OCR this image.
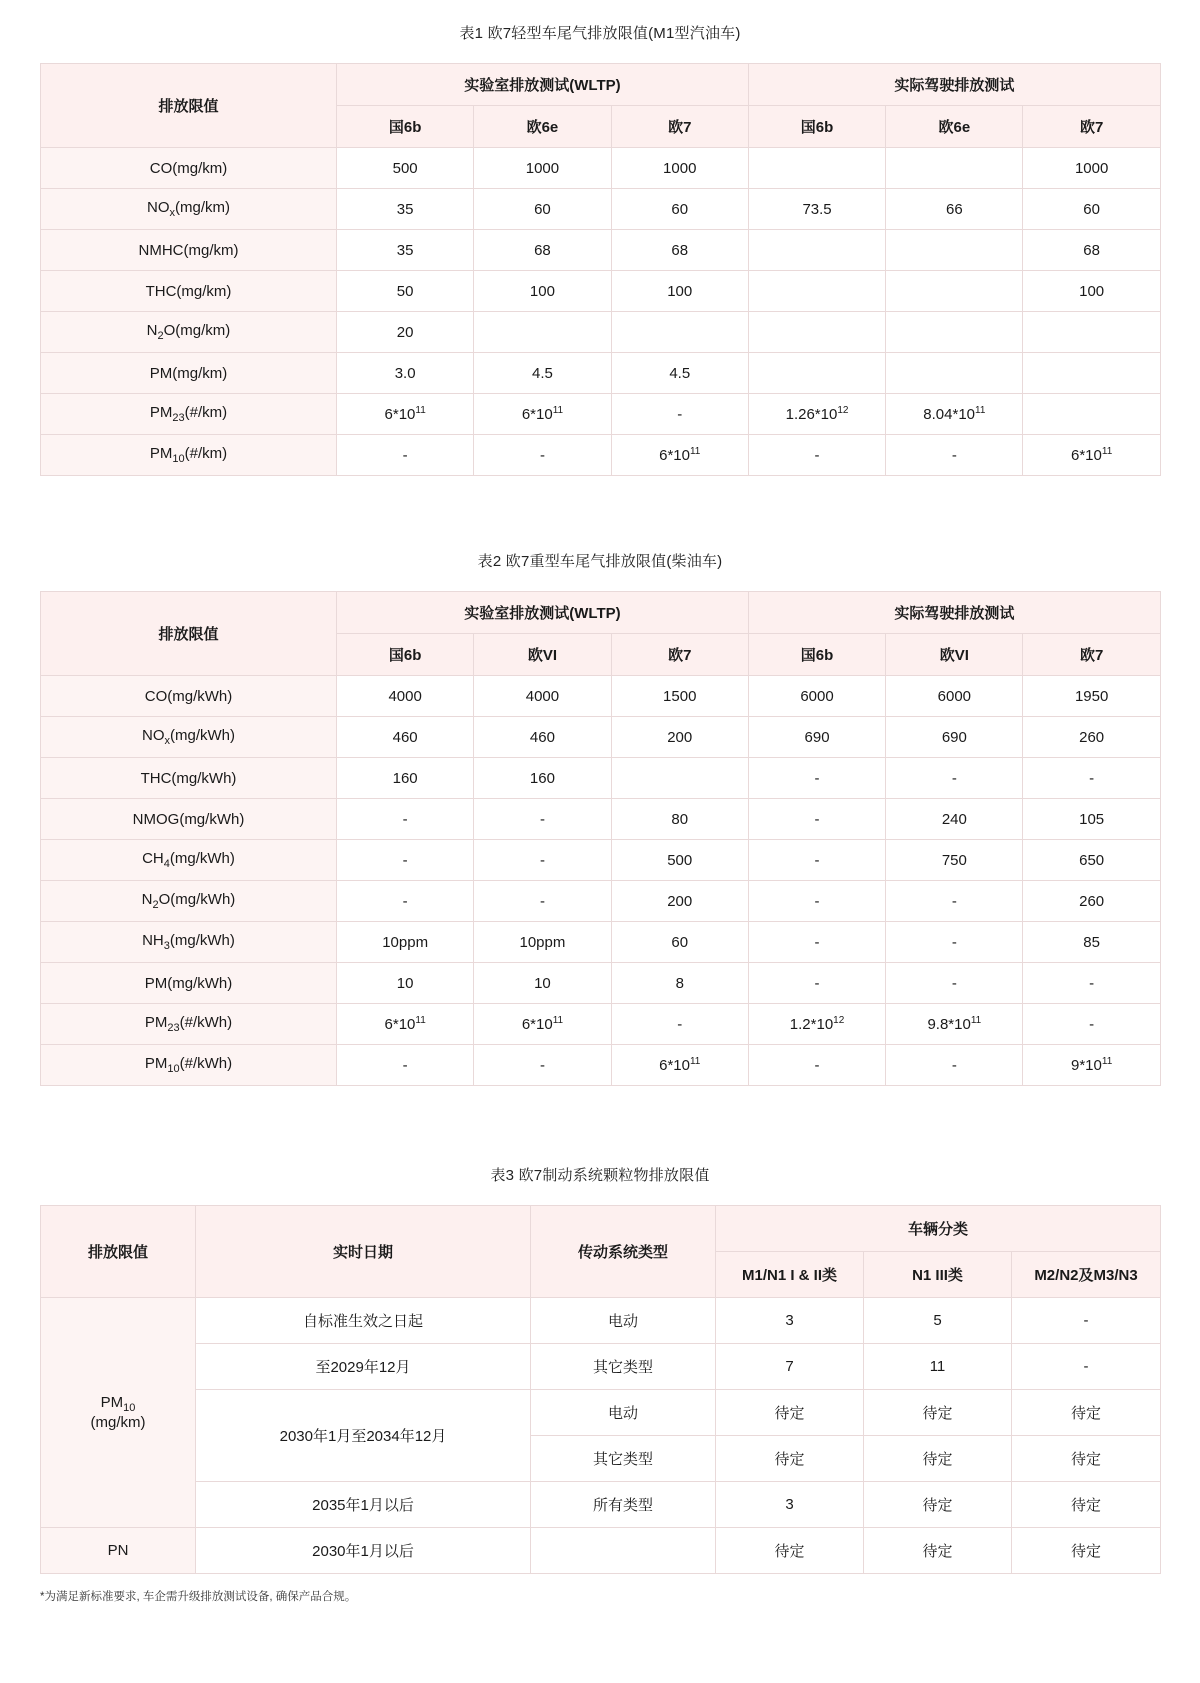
表1 欧7轻型车尾气排放限值(M1型汽油车)
排放限值	实验室排放测试(WLTP)			实际驾驶排放测试		
	国6b	欧6e	欧7	国6b	欧6e	欧7
CO(mg/km)	500	1000	1000			1000
$NO_x(mg/km)$	35	60	60	73.5	66	60
NMHC(mg/km)	35	68	68			68
THC(mg/km)	50	100	100			100
$N_2O(mg/km)$	20					
PM(mg/km)	3.0	4.5	4.5			
$PM_{23}(\#/km)$	$6*10^{11}$	$6*10^{11}$	-	$1.26*10^{12}$	$8.04*10^{11}$	
$PM_{10}(\#/km)$	-	-	$6*10^{11}$	-	-	$6*10^{11}$
表2 欧7重型车尾气排放限值(柴油车)
排放限值	实验室排放测试(WLTP)			实际驾驶排放测试		
	国6b	欧VI	欧7	国6b	欧VI	欧7
CO(mg/kWh)	4000	4000	1500	6000	6000	1950
$NO_x(mg/kWh)$	460	460	200	690	690	260
THC(mg/kWh)	160	160		-	-	-
NMOG(mg/kWh)	-	-	80	-	240	105
$CH_4(mg/kWh)$	-	-	500	-	750	650
$N_2O(mg/kWh)$	-	-	200	-	-	260
$NH_3(mg/kWh)$	10ppm	10ppm	60	-	-	85
PM(mg/kWh)	10	10	8	-	-	-
$PM_{23}(\#/kWh)$	$6*10^{11}$	$6*10^{11}$	-	$1.2*10^{12}$	$9.8*10^{11}$	-
$PM_{10}(\#/kWh)$	-	-	$6*10^{11}$	-	-	$9*10^{11}$
表3 欧7制动系统颗粒物排放限值
排放限值	实时日期	传动系统类型	车辆分类		
			M1/N1 I & II类	N1 III类	M2/N2及M3/N3
$PM_{10}$
(mg/km)	自标准生效之日起	电动	3	5	-
	至2029年12月	其它类型	7	11	-
	2030年1月至2034年12月	电动	待定	待定	待定
		其它类型	待定	待定	待定
	2035年1月以后	所有类型	3	待定	待定
PN	2030年1月以后		待定	待定	待定
*为满足新标准要求, 车企需升级排放测试设备, 确保产品合规。
